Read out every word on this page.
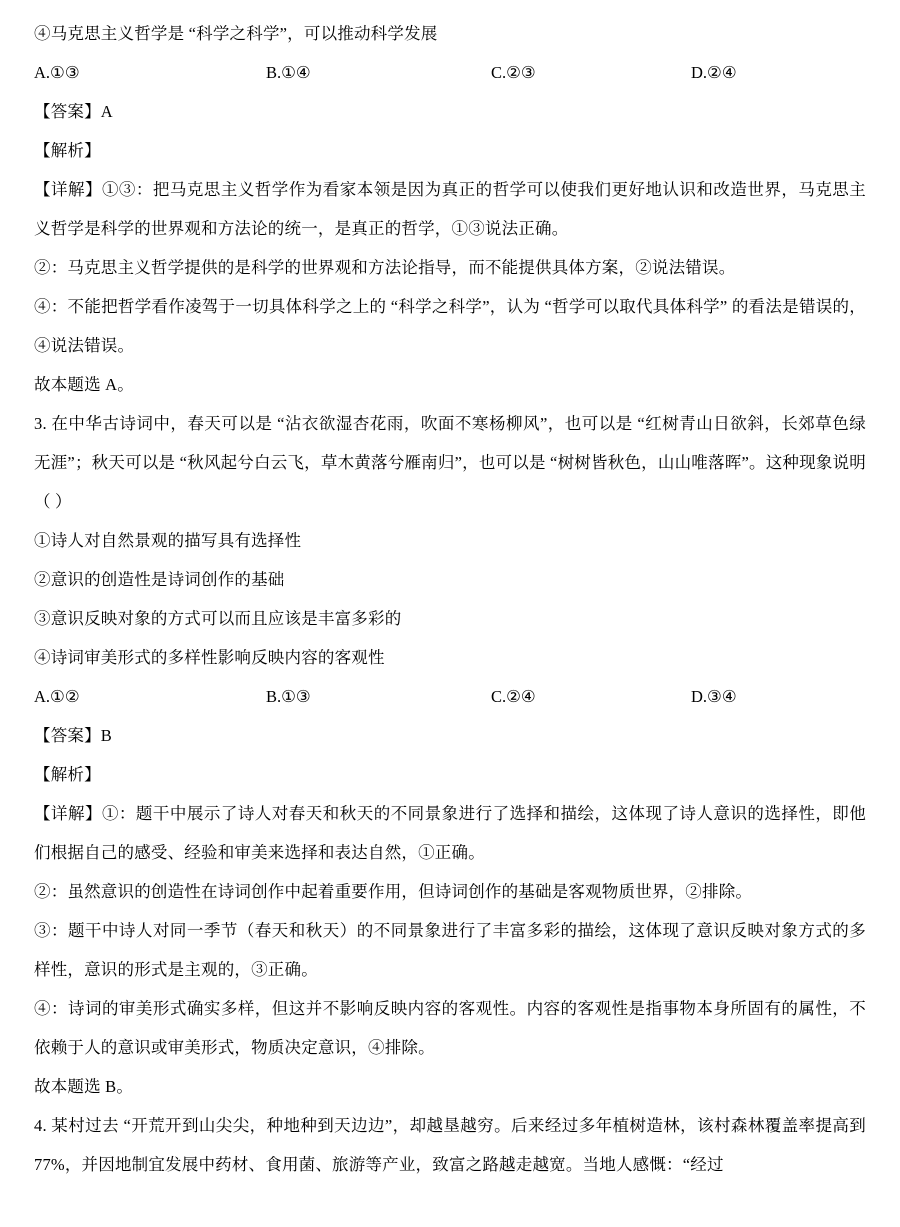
④马克思主义哲学是 “科学之科学”，可以推动科学发展
A.①③	B.①④	C.②③	D.②④
【答案】A
【解析】
【详解】①③：把马克思主义哲学作为看家本领是因为真正的哲学可以使我们更好地认识和改造世界，马克思主义哲学是科学的世界观和方法论的统一，是真正的哲学，①③说法正确。
②：马克思主义哲学提供的是科学的世界观和方法论指导，而不能提供具体方案，②说法错误。
④：不能把哲学看作凌驾于一切具体科学之上的 “科学之科学”，认为 “哲学可以取代具体科学” 的看法是错误的，④说法错误。
故本题选 A。
3. 在中华古诗词中，春天可以是 “沾衣欲湿杏花雨，吹面不寒杨柳风”，也可以是 “红树青山日欲斜，长郊草色绿无涯”；秋天可以是 “秋风起兮白云飞，草木黄落兮雁南归”，也可以是 “树树皆秋色，山山唯落晖”。这种现象说明（ ）
①诗人对自然景观的描写具有选择性
②意识的创造性是诗词创作的基础
③意识反映对象的方式可以而且应该是丰富多彩的
④诗词审美形式的多样性影响反映内容的客观性
A.①②	B.①③	C.②④	D.③④
【答案】B
【解析】
【详解】①：题干中展示了诗人对春天和秋天的不同景象进行了选择和描绘，这体现了诗人意识的选择性，即他们根据自己的感受、经验和审美来选择和表达自然，①正确。
②：虽然意识的创造性在诗词创作中起着重要作用，但诗词创作的基础是客观物质世界，②排除。
③：题干中诗人对同一季节（春天和秋天）的不同景象进行了丰富多彩的描绘，这体现了意识反映对象方式的多样性，意识的形式是主观的，③正确。
④：诗词的审美形式确实多样，但这并不影响反映内容的客观性。内容的客观性是指事物本身所固有的属性，不依赖于人的意识或审美形式，物质决定意识，④排除。
故本题选 B。
4. 某村过去 “开荒开到山尖尖，种地种到天边边”，却越垦越穷。后来经过多年植树造林，该村森林覆盖率提高到 77%，并因地制宜发展中药材、食用菌、旅游等产业，致富之路越走越宽。当地人感慨：“经过
